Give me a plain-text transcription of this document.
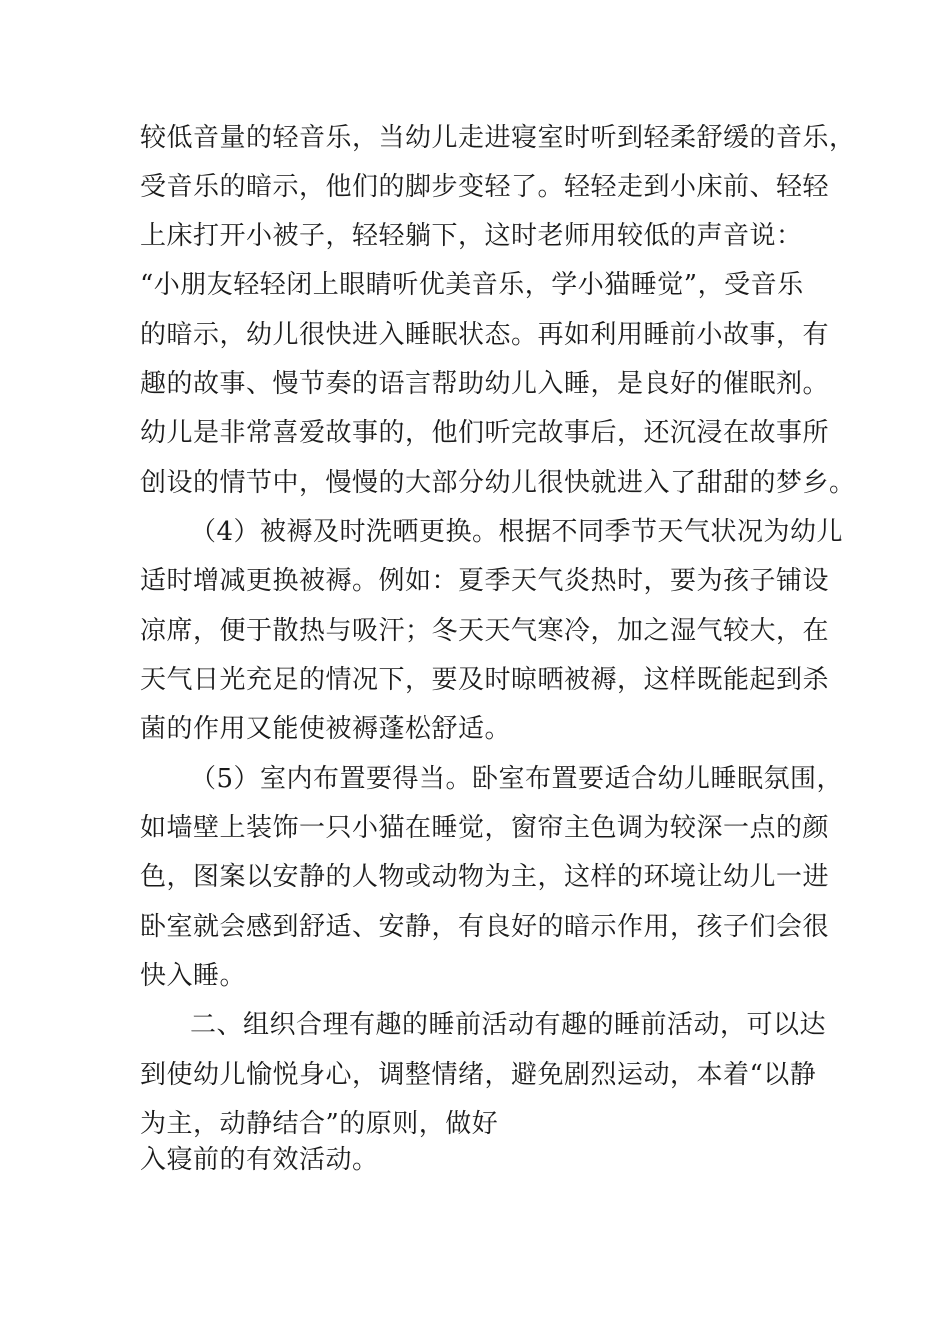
较低音量的轻音乐，当幼儿走进寝室时听到轻柔舒缓的音乐，
受音乐的暗示，他们的脚步变轻了。轻轻走到小床前、轻轻
上床打开小被子，轻轻躺下，这时老师用较低的声音说：
“小朋友轻轻闭上眼睛听优美音乐，学小猫睡觉”，受音乐
的暗示，幼儿很快进入睡眠状态。再如利用睡前小故事，有
趣的故事、慢节奏的语言帮助幼儿入睡，是良好的催眠剂。
幼儿是非常喜爱故事的，他们听完故事后，还沉浸在故事所
创设的情节中，慢慢的大部分幼儿很快就进入了甜甜的梦乡。
（4）被褥及时洗晒更换。根据不同季节天气状况为幼儿
适时增减更换被褥。例如：夏季天气炎热时，要为孩子铺设
凉席，便于散热与吸汗；冬天天气寒冷，加之湿气较大，在
天气日光充足的情况下，要及时晾晒被褥，这样既能起到杀
菌的作用又能使被褥蓬松舒适。
（5）室内布置要得当。卧室布置要适合幼儿睡眠氛围，
如墙壁上装饰一只小猫在睡觉，窗帘主色调为较深一点的颜
色，图案以安静的人物或动物为主，这样的环境让幼儿一进
卧室就会感到舒适、安静，有良好的暗示作用，孩子们会很
快入睡。
二、组织合理有趣的睡前活动有趣的睡前活动，可以达
到使幼儿愉悦身心，调整情绪，避免剧烈运动，本着“以静
为主，动静结合”的原则，做好
入寝前的有效活动。
